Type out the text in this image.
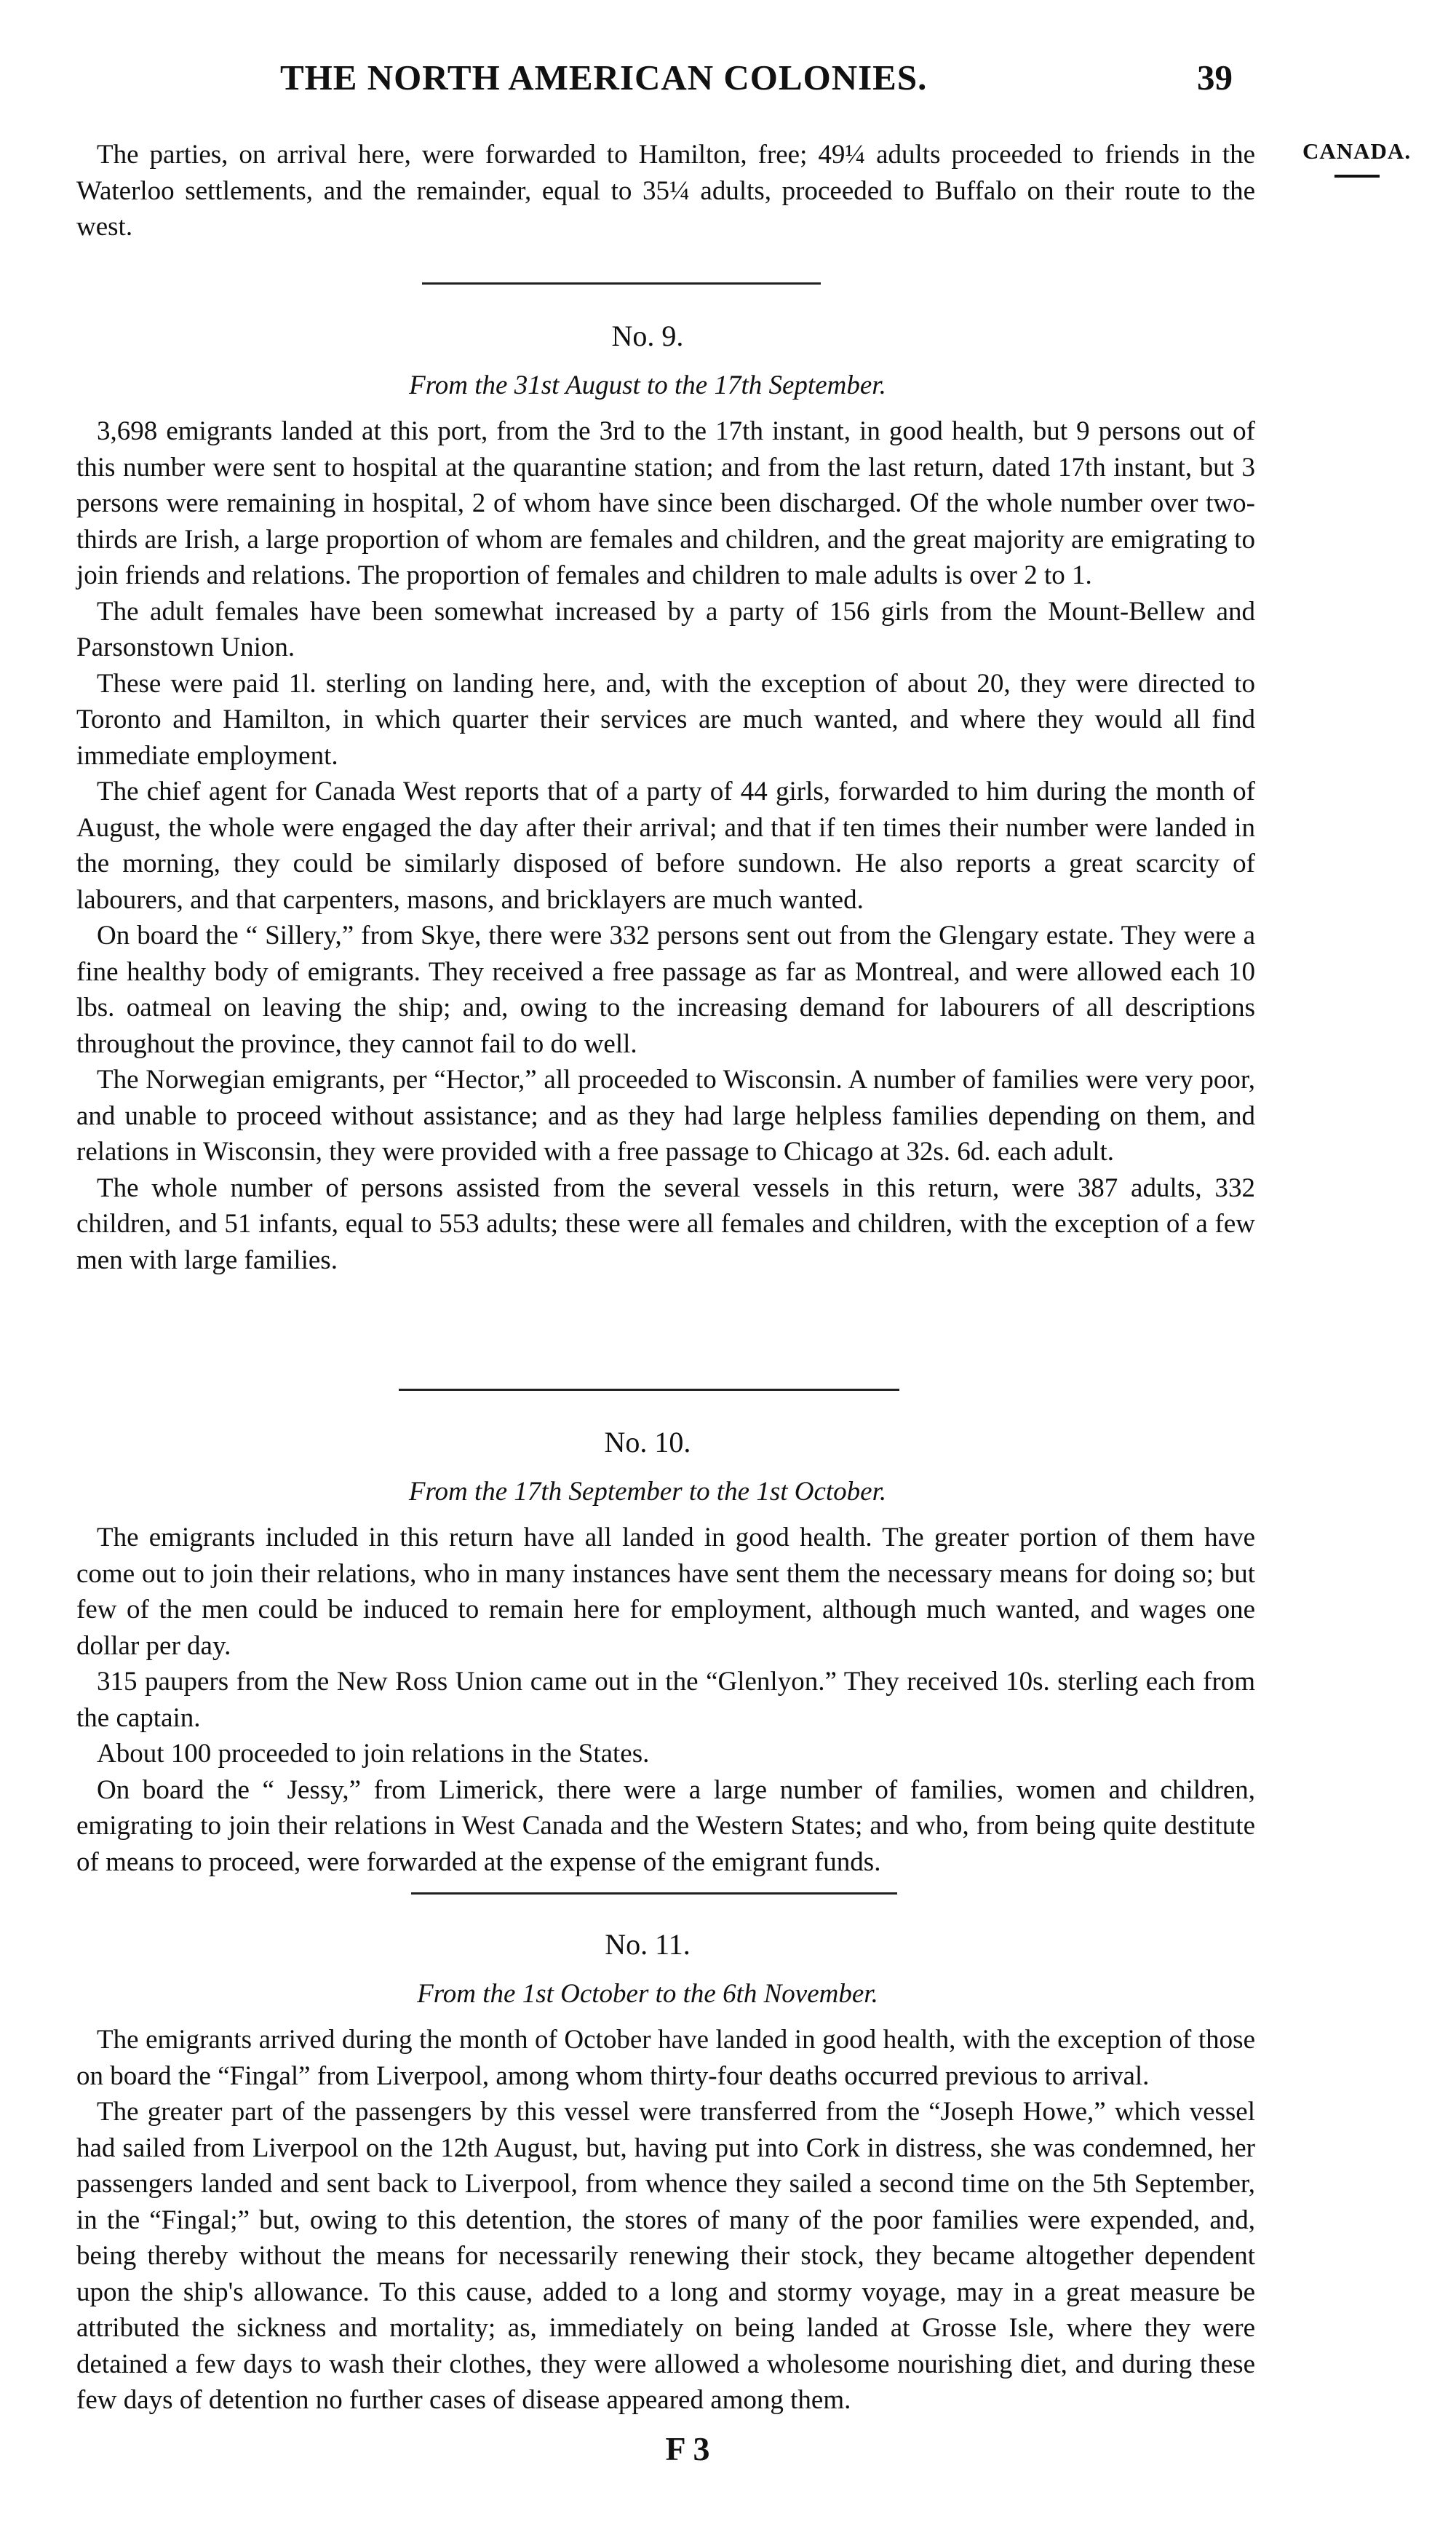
THE NORTH AMERICAN COLONIES.	39
CANADA.

The parties, on arrival here, were forwarded to Hamilton, free; 49¼ adults proceeded to friends in the Waterloo settlements, and the remainder, equal to 35¼ adults, proceeded to Buffalo on their route to the west.

No. 9.
From the 31st August to the 17th September.

3,698 emigrants landed at this port, from the 3rd to the 17th instant, in good health, but 9 persons out of this number were sent to hospital at the quarantine station; and from the last return, dated 17th instant, but 3 persons were remaining in hospital, 2 of whom have since been discharged. Of the whole number over two-thirds are Irish, a large proportion of whom are females and children, and the great majority are emigrating to join friends and relations. The proportion of females and children to male adults is over 2 to 1.

The adult females have been somewhat increased by a party of 156 girls from the Mount-Bellew and Parsonstown Union.

These were paid 1l. sterling on landing here, and, with the exception of about 20, they were directed to Toronto and Hamilton, in which quarter their services are much wanted, and where they would all find immediate employment.

The chief agent for Canada West reports that of a party of 44 girls, forwarded to him during the month of August, the whole were engaged the day after their arrival; and that if ten times their number were landed in the morning, they could be similarly disposed of before sundown. He also reports a great scarcity of labourers, and that carpenters, masons, and bricklayers are much wanted.

On board the “ Sillery,” from Skye, there were 332 persons sent out from the Glengary estate. They were a fine healthy body of emigrants. They received a free passage as far as Montreal, and were allowed each 10 lbs. oatmeal on leaving the ship; and, owing to the increasing demand for labourers of all descriptions throughout the province, they cannot fail to do well.

The Norwegian emigrants, per “Hector,” all proceeded to Wisconsin. A number of families were very poor, and unable to proceed without assistance; and as they had large helpless families depending on them, and relations in Wisconsin, they were provided with a free passage to Chicago at 32s. 6d. each adult.

The whole number of persons assisted from the several vessels in this return, were 387 adults, 332 children, and 51 infants, equal to 553 adults; these were all females and children, with the exception of a few men with large families.

No. 10.
From the 17th September to the 1st October.

The emigrants included in this return have all landed in good health. The greater portion of them have come out to join their relations, who in many instances have sent them the necessary means for doing so; but few of the men could be induced to remain here for employment, although much wanted, and wages one dollar per day.

315 paupers from the New Ross Union came out in the “Glenlyon.” They received 10s. sterling each from the captain.

About 100 proceeded to join relations in the States.

On board the “ Jessy,” from Limerick, there were a large number of families, women and children, emigrating to join their relations in West Canada and the Western States; and who, from being quite destitute of means to proceed, were forwarded at the expense of the emigrant funds.

No. 11.
From the 1st October to the 6th November.

The emigrants arrived during the month of October have landed in good health, with the exception of those on board the “Fingal” from Liverpool, among whom thirty-four deaths occurred previous to arrival.

The greater part of the passengers by this vessel were transferred from the “Joseph Howe,” which vessel had sailed from Liverpool on the 12th August, but, having put into Cork in distress, she was condemned, her passengers landed and sent back to Liverpool, from whence they sailed a second time on the 5th September, in the “Fingal;” but, owing to this detention, the stores of many of the poor families were expended, and, being thereby without the means for necessarily renewing their stock, they became altogether dependent upon the ship's allowance. To this cause, added to a long and stormy voyage, may in a great measure be attributed the sickness and mortality; as, immediately on being landed at Grosse Isle, where they were detained a few days to wash their clothes, they were allowed a wholesome nourishing diet, and during these few days of detention no further cases of disease appeared among them.

F 3
